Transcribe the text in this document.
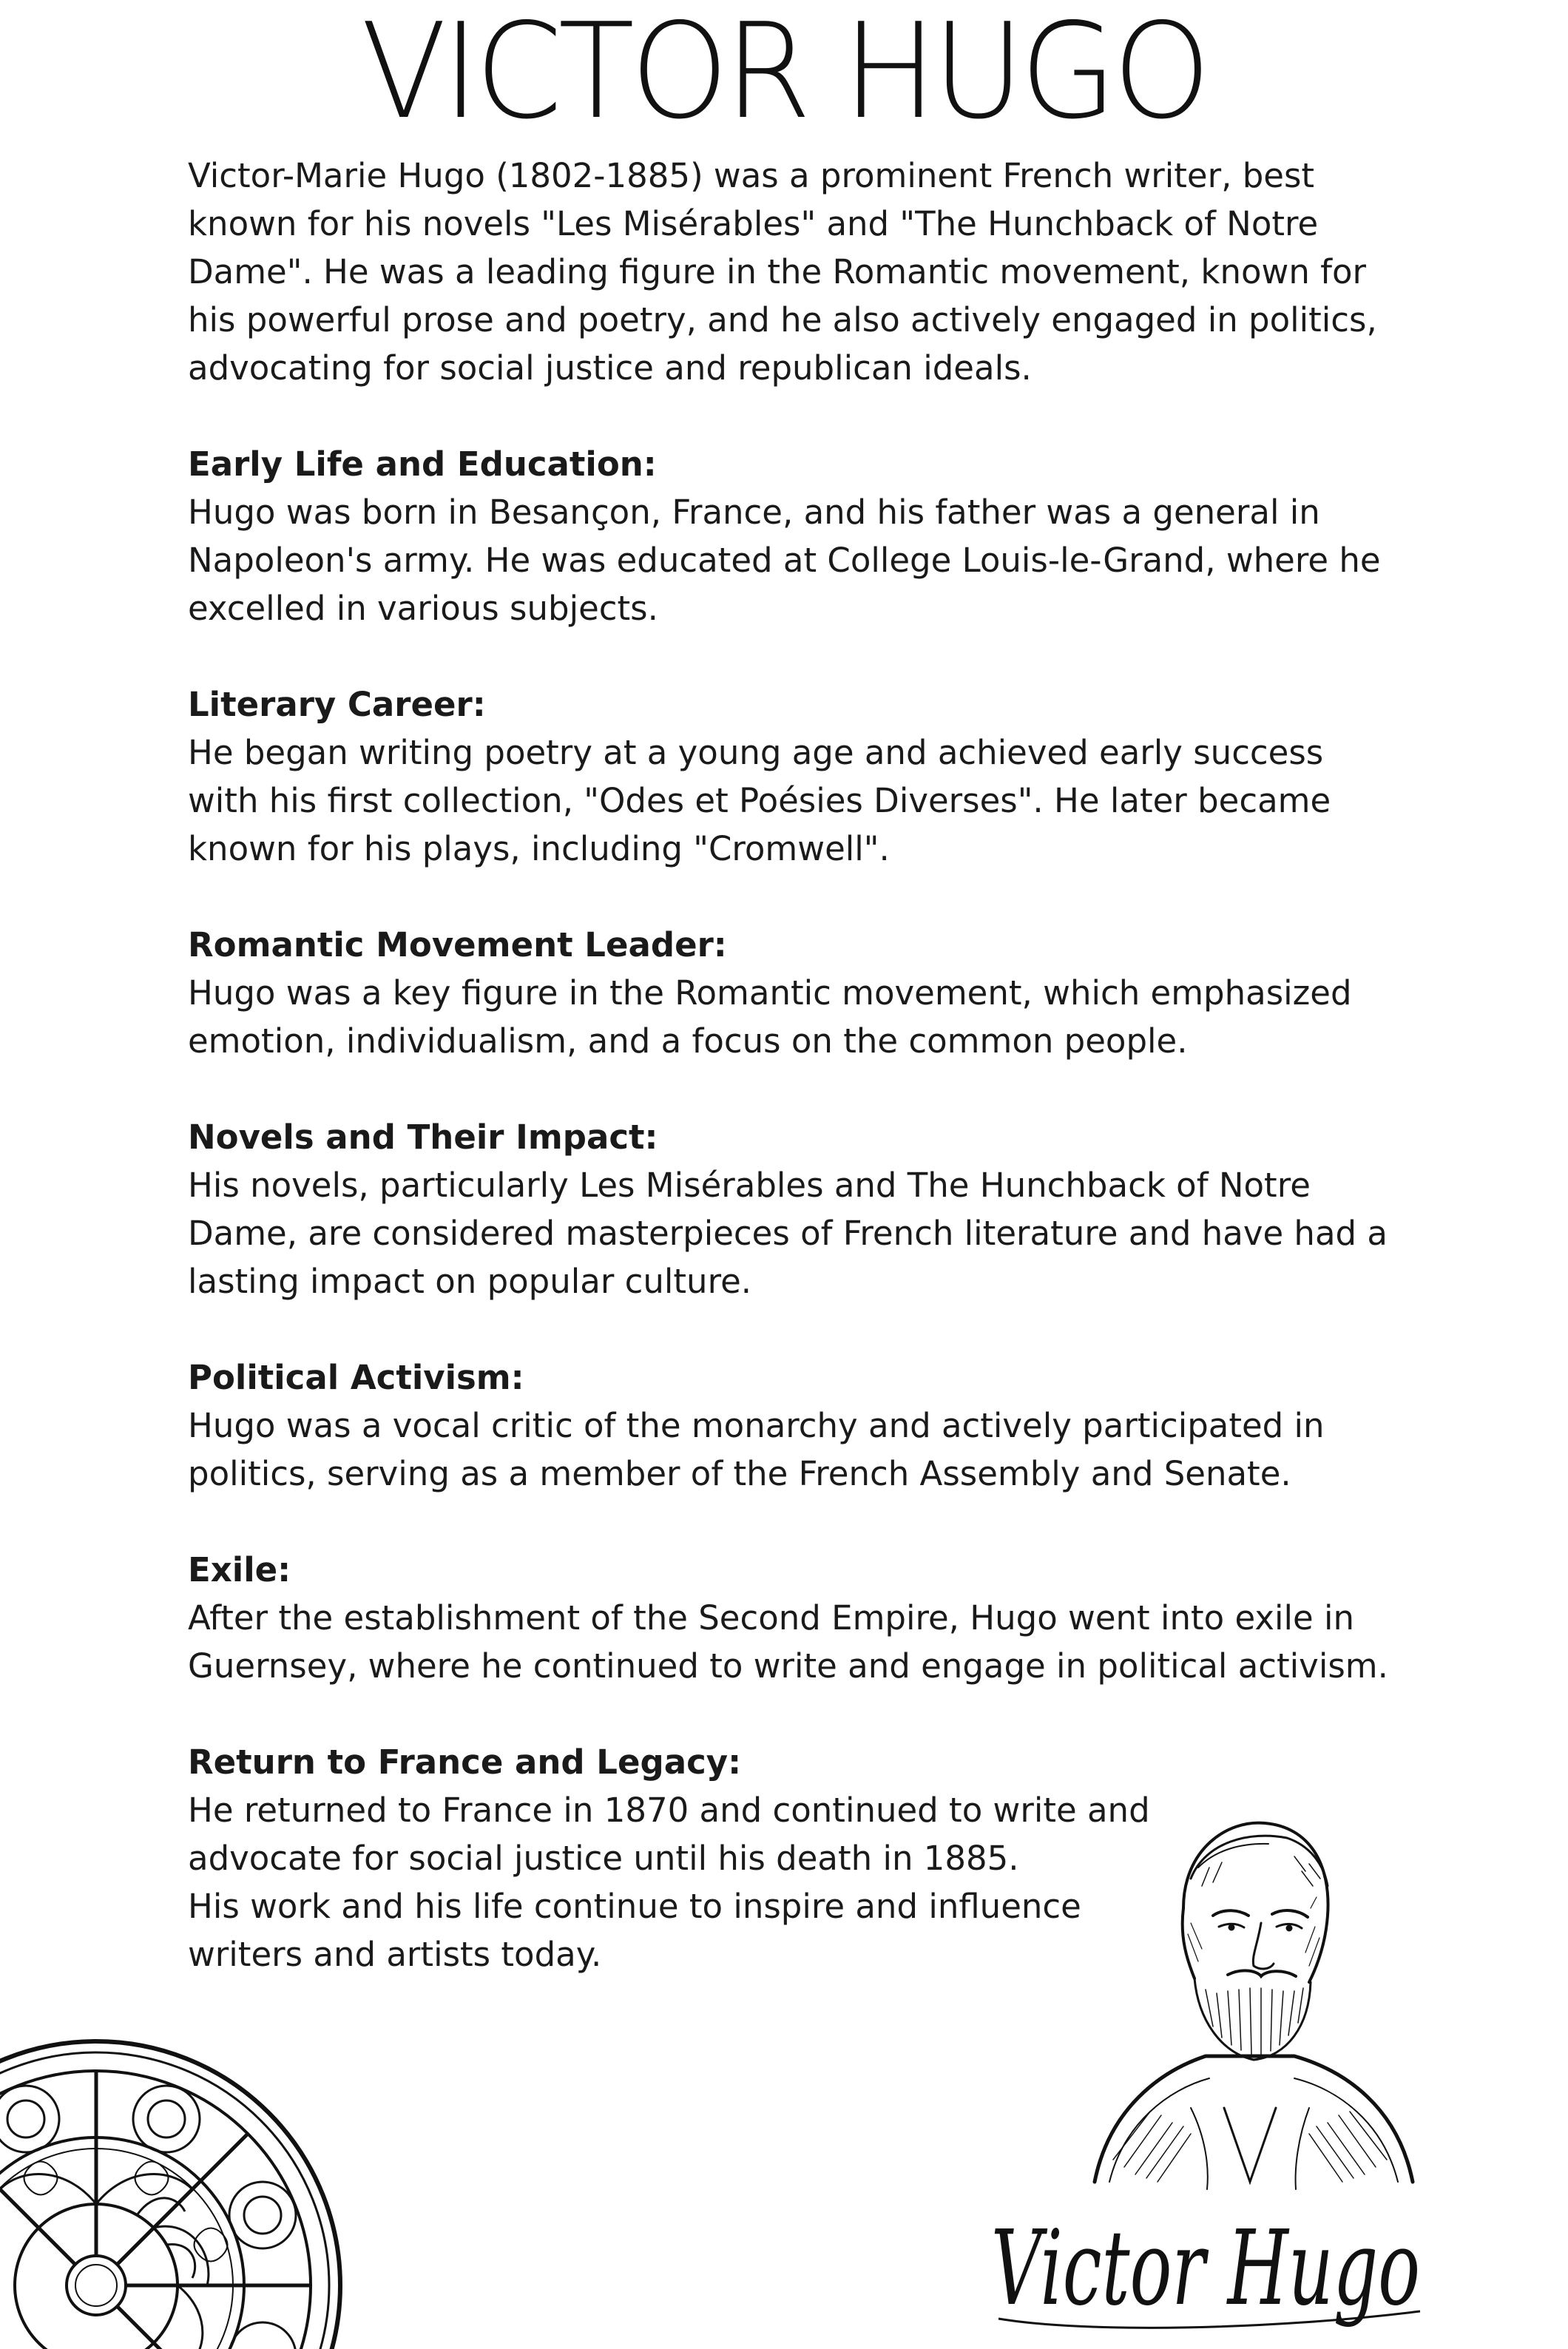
VICTOR HUGO

Victor-Marie Hugo (1802-1885) was a prominent French writer, best known for his novels "Les Misérables" and "The Hunchback of Notre Dame". He was a leading figure in the Romantic movement, known for his powerful prose and poetry, and he also actively engaged in politics, advocating for social justice and republican ideals.

Early Life and Education:

Hugo was born in Besançon, France, and his father was a general in Napoleon's army. He was educated at College Louis-le-Grand, where he excelled in various subjects.

Literary Career:

He began writing poetry at a young age and achieved early success with his first collection, "Odes et Poésies Diverses". He later became known for his plays, including "Cromwell".

Romantic Movement Leader:

Hugo was a key figure in the Romantic movement, which emphasized emotion, individualism, and a focus on the common people.

Novels and Their Impact:

His novels, particularly Les Misérables and The Hunchback of Notre Dame, are considered masterpieces of French literature and have had a lasting impact on popular culture.

Political Activism:

Hugo was a vocal critic of the monarchy and actively participated in politics, serving as a member of the French Assembly and Senate.

Exile:

After the establishment of the Second Empire, Hugo went into exile in Guernsey, where he continued to write and engage in political activism.

Return to France and Legacy:

He returned to France in 1870 and continued to write and advocate for social justice until his death in 1885.

His work and his life continue to inspire and influence writers and artists today.

Victor Hugo
